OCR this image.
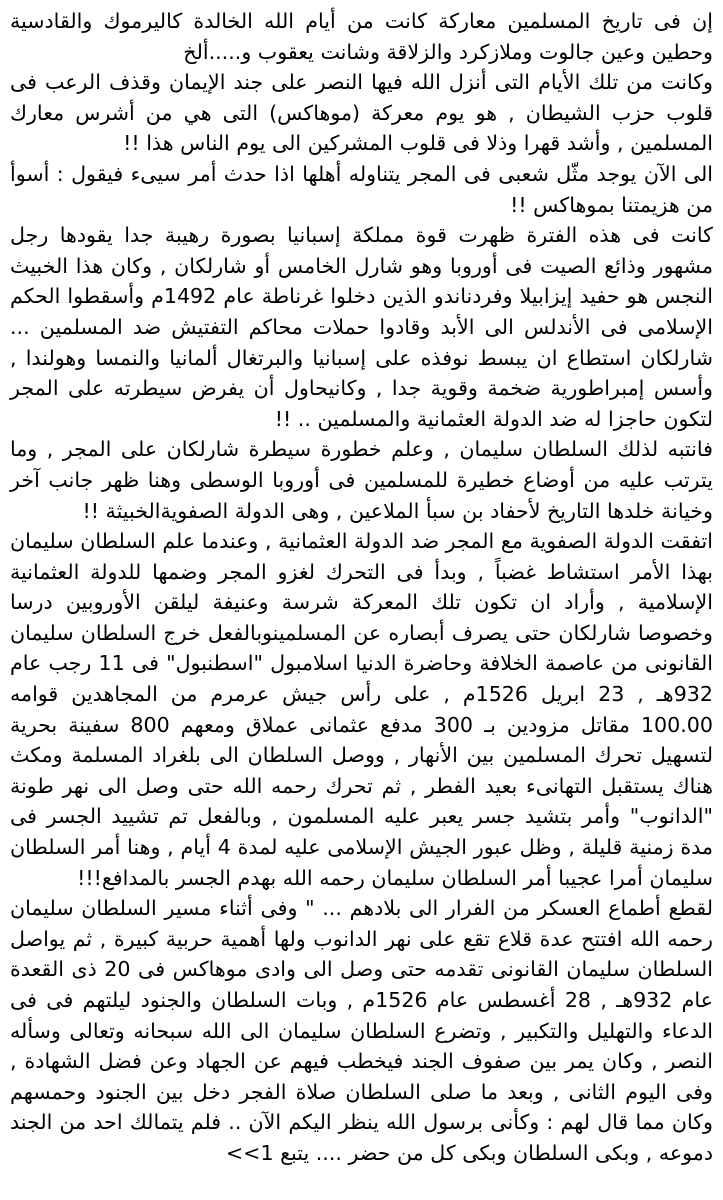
إن فى تاريخ المسلمين معاركة كانت من أيام الله الخالدة كاليرموك والقادسية وحطين وعين جالوت وملازكرد والزلاقة وشانت يعقوب و.....ألخ

وكانت من تلك الأيام التى أنزل الله فيها النصر على جند الإيمان وقذف الرعب فى قلوب حزب الشيطان , هو يوم معركة (موهاكس) التى هي من أشرس معارك المسلمين , وأشد قهرا وذلا فى قلوب المشركين الى يوم الناس هذا !!

الى الآن يوجد مثّل شعبى فى المجر يتناوله أهلها اذا حدث أمر سيىء فيقول : أسوأ من هزيمتنا بموهاكس !!

كانت فى هذه الفترة ظهرت قوة مملكة إسبانيا بصورة رهيبة جدا يقودها رجل مشهور وذائع الصيت فى أوروبا وهو شارل الخامس أو شارلكان , وكان هذا الخبيث النجس هو حفيد إيزابيلا وفردناندو الذين دخلوا غرناطة عام 1492م وأسقطوا الحكم الإسلامى فى الأندلس الى الأبد وقادوا حملات محاكم التفتيش ضد المسلمين ... شارلكان استطاع ان يبسط نوفذه على إسبانيا والبرتغال ألمانيا والنمسا وهولندا , وأسس إمبراطورية ضخمة وقوية جدا , وكانيحاول أن يفرض سيطرته على المجر لتكون حاجزا له ضد الدولة العثمانية والمسلمين .. !!

فانتبه لذلك السلطان سليمان , وعلم خطورة سيطرة شارلكان على المجر , وما يترتب عليه من أوضاع خطيرة للمسلمين فى أوروبا الوسطى وهنا ظهر جانب آخر وخيانة خلدها التاريخ لأحفاد بن سبأ الملاعين , وهى الدولة الصفويةالخبيثة !!

اتفقت الدولة الصفوية مع المجر ضد الدولة العثمانية , وعندما علم السلطان سليمان بهذا الأمر استشاط غضباً , وبدأ فى التحرك لغزو المجر وضمها للدولة العثمانية الإسلامية , وأراد ان تكون تلك المعركة شرسة وعنيفة ليلقن الأوروبين درسا وخصوصا شارلكان حتى يصرف أبصاره عن المسلمينوبالفعل خرج السلطان سليمان القانونى من عاصمة الخلافة وحاضرة الدنيا اسلامبول "اسطنبول" فى 11 رجب عام 932هـ , 23 ابريل 1526م , على رأس جيش عرمرم من المجاهدين قوامه 100.00 مقاتل مزودين بـ 300 مدفع عثمانى عملاق ومعهم 800 سفينة بحرية لتسهيل تحرك المسلمين بين الأنهار , ووصل السلطان الى بلغراد المسلمة ومكث هناك يستقبل التهانىء بعيد الفطر , ثم تحرك رحمه الله حتى وصل الى نهر طونة "الدانوب" وأمر بتشيد جسر يعبر عليه المسلمون , وبالفعل تم تشييد الجسر فى مدة زمنية قليلة , وظل عبور الجيش الإسلامى عليه لمدة 4 أيام , وهنا أمر السلطان سليمان أمرا عجيبا أمر السلطان سليمان رحمه الله بهدم الجسر بالمدافع!!!

لقطع أطماع العسكر من الفرار الى بلادهم ... " وفى أثناء مسير السلطان سليمان رحمه الله افتتح عدة قلاع تقع على نهر الدانوب ولها أهمية حربية كبيرة , ثم يواصل السلطان سليمان القانونى تقدمه حتى وصل الى وادى موهاكس فى 20 ذى القعدة عام 932هـ , 28 أغسطس عام 1526م , وبات السلطان والجنود ليلتهم فى فى الدعاء والتهليل والتكبير , وتضرع السلطان سليمان الى الله سبحانه وتعالى وسأله النصر , وكان يمر بين صفوف الجند فيخطب فيهم عن الجهاد وعن فضل الشهادة , وفى اليوم الثانى , وبعد ما صلى السلطان صلاة الفجر دخل بين الجنود وحمسهم وكان مما قال لهم : وكأنى برسول الله ينظر اليكم الآن .. فلم يتمالك احد من الجند دموعه , وبكى السلطان وبكى كل من حضر .... يتبع 1>>
